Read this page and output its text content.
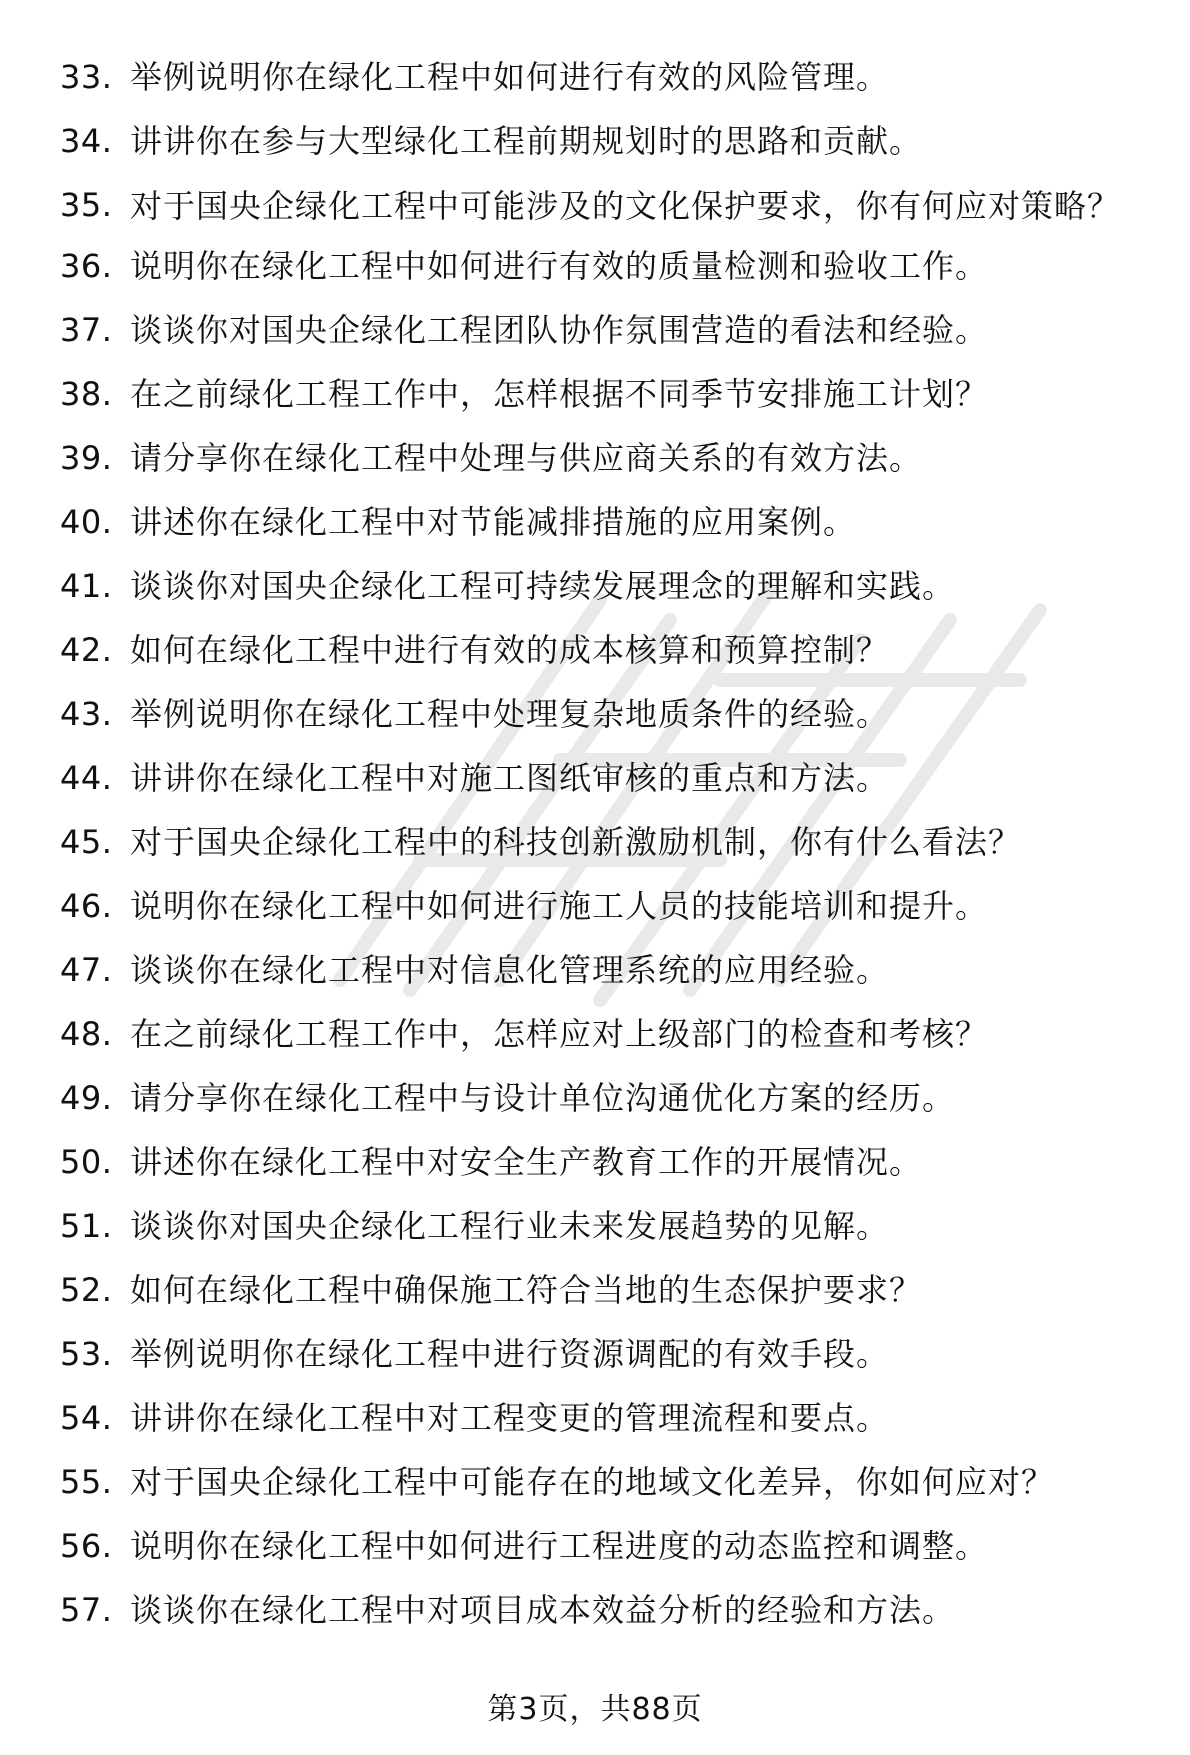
33. 举例说明你在绿化工程中如何进行有效的风险管理。
34. 讲讲你在参与大型绿化工程前期规划时的思路和贡献。
35. 对于国央企绿化工程中可能涉及的文化保护要求，你有何应对策略？
36. 说明你在绿化工程中如何进行有效的质量检测和验收工作。
37. 谈谈你对国央企绿化工程团队协作氛围营造的看法和经验。
38. 在之前绿化工程工作中，怎样根据不同季节安排施工计划？
39. 请分享你在绿化工程中处理与供应商关系的有效方法。
40. 讲述你在绿化工程中对节能减排措施的应用案例。
41. 谈谈你对国央企绿化工程可持续发展理念的理解和实践。
42. 如何在绿化工程中进行有效的成本核算和预算控制？
43. 举例说明你在绿化工程中处理复杂地质条件的经验。
44. 讲讲你在绿化工程中对施工图纸审核的重点和方法。
45. 对于国央企绿化工程中的科技创新激励机制，你有什么看法？
46. 说明你在绿化工程中如何进行施工人员的技能培训和提升。
47. 谈谈你在绿化工程中对信息化管理系统的应用经验。
48. 在之前绿化工程工作中，怎样应对上级部门的检查和考核？
49. 请分享你在绿化工程中与设计单位沟通优化方案的经历。
50. 讲述你在绿化工程中对安全生产教育工作的开展情况。
51. 谈谈你对国央企绿化工程行业未来发展趋势的见解。
52. 如何在绿化工程中确保施工符合当地的生态保护要求？
53. 举例说明你在绿化工程中进行资源调配的有效手段。
54. 讲讲你在绿化工程中对工程变更的管理流程和要点。
55. 对于国央企绿化工程中可能存在的地域文化差异，你如何应对？
56. 说明你在绿化工程中如何进行工程进度的动态监控和调整。
57. 谈谈你在绿化工程中对项目成本效益分析的经验和方法。
第3页，共88页
